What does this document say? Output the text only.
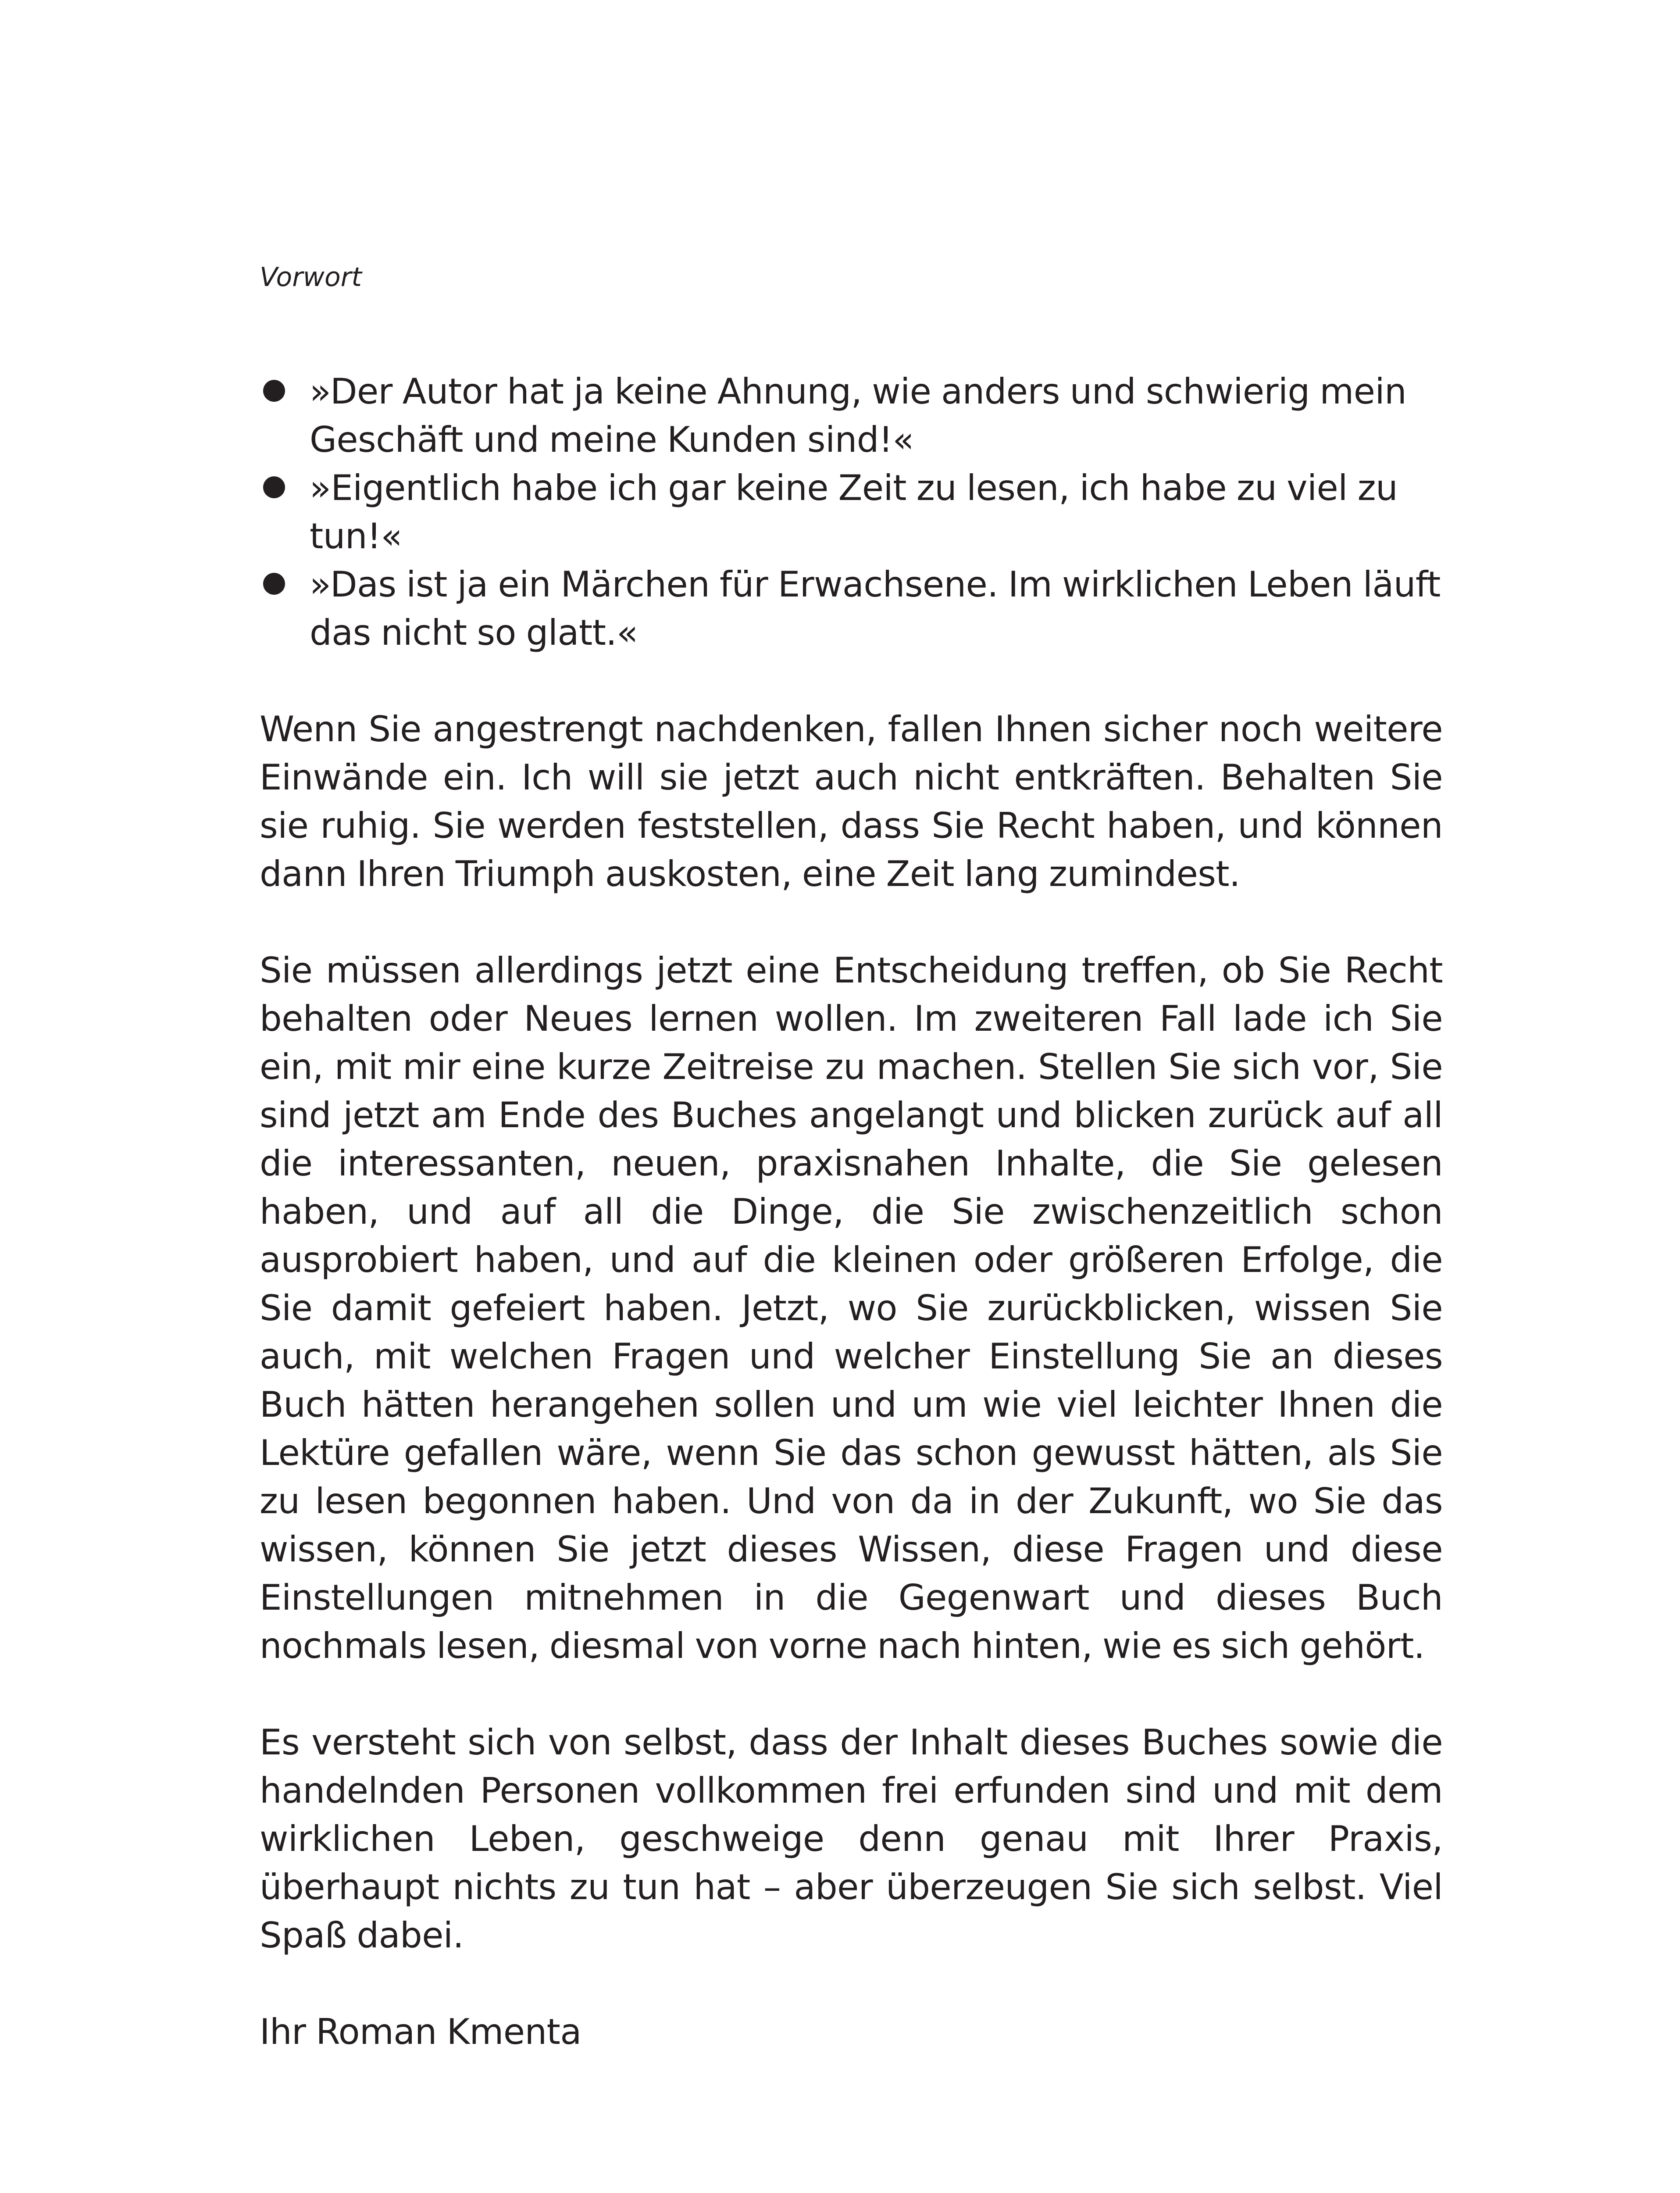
Vorwort
»Der Autor hat ja keine Ahnung, wie anders und schwierig mein Geschäft und meine Kunden sind!«
»Eigentlich habe ich gar keine Zeit zu lesen, ich habe zu viel zu tun!«
»Das ist ja ein Märchen für Erwachsene. Im wirklichen Leben läuft das nicht so glatt.«

Wenn Sie angestrengt nachdenken, fallen Ihnen sicher noch weitere Einwände ein. Ich will sie jetzt auch nicht entkräften. Behalten Sie sie ruhig. Sie werden feststellen, dass Sie Recht haben, und können dann Ihren Triumph auskosten, eine Zeit lang zumindest.

Sie müssen allerdings jetzt eine Entscheidung treffen, ob Sie Recht behalten oder Neues lernen wollen. Im zweiteren Fall lade ich Sie ein, mit mir eine kurze Zeitreise zu machen. Stellen Sie sich vor, Sie sind jetzt am Ende des Buches angelangt und blicken zurück auf all die interessanten, neuen, praxisnahen Inhalte, die Sie gelesen haben, und auf all die Dinge, die Sie zwischenzeitlich schon ausprobiert haben, und auf die kleinen oder größeren Erfolge, die Sie damit gefeiert haben. Jetzt, wo Sie zurückblicken, wissen Sie auch, mit welchen Fragen und welcher Einstellung Sie an dieses Buch hätten herangehen sollen und um wie viel leichter Ihnen die Lektüre gefallen wäre, wenn Sie das schon gewusst hätten, als Sie zu lesen begonnen haben. Und von da in der Zukunft, wo Sie das wissen, können Sie jetzt dieses Wissen, diese Fragen und diese Einstellungen mitnehmen in die Gegenwart und dieses Buch nochmals lesen, diesmal von vorne nach hinten, wie es sich gehört.

Es versteht sich von selbst, dass der Inhalt dieses Buches sowie die handelnden Personen vollkommen frei erfunden sind und mit dem wirklichen Leben, geschweige denn genau mit Ihrer Praxis, überhaupt nichts zu tun hat – aber überzeugen Sie sich selbst. Viel Spaß dabei.

Ihr Roman Kmenta
